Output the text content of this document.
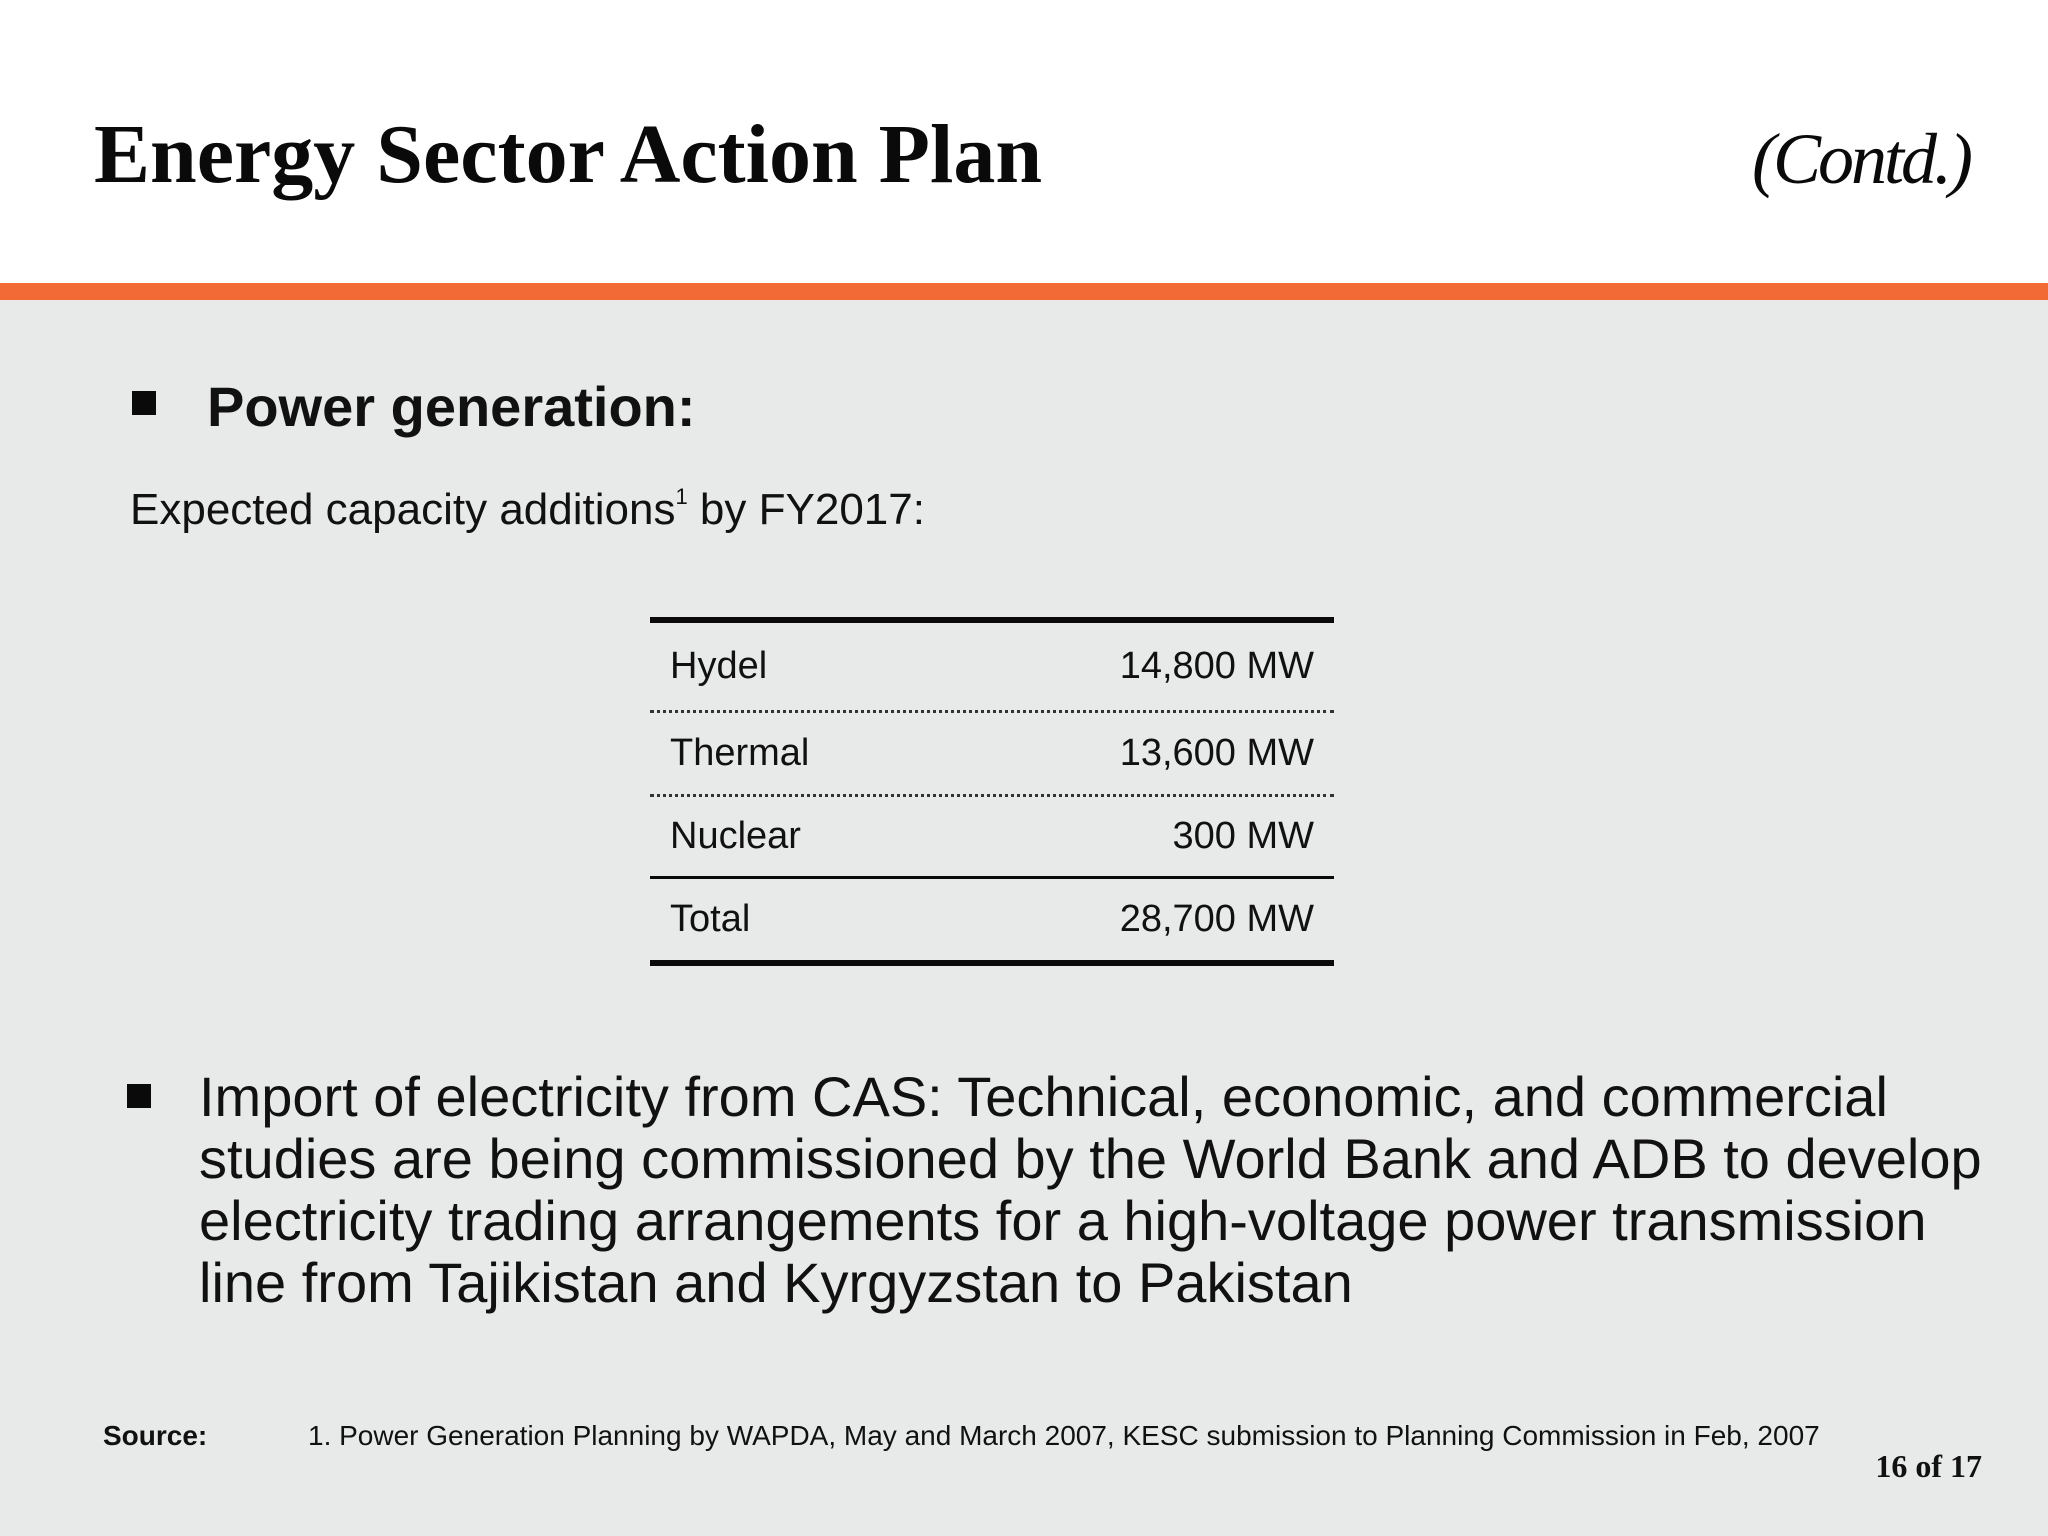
Energy Sector Action Plan	(Contd.)
Power generation:
Expected capacity additions$^1$ by FY2017:
Hydel	14,800 MW
Thermal	13,600 MW
Nuclear	300 MW
Total	28,700 MW
Import of electricity from CAS: Technical, economic, and commercial studies are being commissioned by the World Bank and ADB to develop electricity trading arrangements for a high-voltage power transmission line from Tajikistan and Kyrgyzstan to Pakistan
Source:	1. Power Generation Planning by WAPDA, May and March 2007, KESC submission to Planning Commission in Feb, 2007
16 of 17
